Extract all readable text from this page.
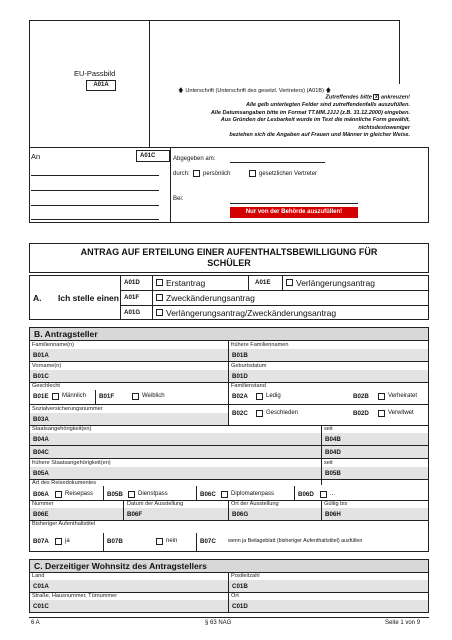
EU-Passbild
A01A
🡅 Unterschrift (Unterschrift des gesetzl. Vertreters) (A01B) 🡅
Zutreffendes bitte x ankreuzen!
Alle gelb unterlegten Felder sind zutreffendenfalls auszufüllen.
Alle Datumsangaben bitte im Format TT.MM.JJJJ (z.B. 31.12.2000) eingeben.
Aus Gründen der Lesbarkeit wurde im Text die männliche Form gewählt,
nichtsdestoweniger
beziehen sich die Angaben auf Frauen und Männer in gleicher Weise.
An	A01C	Abgegeben am:
durch: persönlich	gesetzlichen Vertreter
Bei:
Nur von der Behörde auszufüllen!
ANTRAG AUF ERTEILUNG EINER AUFENTHALTSBEWILLIGUNG FÜR
SCHÜLER
A. Ich stelle einen
A01D	Erstantrag	A01E	Verlängerungsantrag
A01F	Zweckänderungsantrag
A01G	Verlängerungsantrag/Zweckänderungsantrag
B. Antragsteller
Familienname(n)	frühere Familiennamen
B01A	B01B
Vorname(n)	Geburtsdatum
B01C	B01D
Geschlecht	Familienstand
B01E Männlich B01F	Weiblich	B02A	Ledig	B02B	Verheiratet
Sozialversicherungsnummer
B03A
B02C	Geschieden	B02D	Verwitwet
Staatsangehörigkeit(en)	seit
B04A	B04B
B04C	B04D
frühere Staatsangehörigkeit(en)	seit
B05A	B05B
Art des Reisedokumentes
B06A	Reisepass B05B	Dienstpass	B06C	Diplomatenpass	B06D	...
Nummer	Datum der Ausstellung	Ort der Ausstellung	Gültig bis
B06E	B06F	B06G	B06H
Bisheriger Aufenthaltstitel
B07A	ja	B07B	nein	B07C wenn ja Beilageblatt (bisheriger Aufenthaltstitel) ausfüllen
C. Derzeitiger Wohnsitz des Antragstellers
Land	Postleitzahl
C01A	C01B
Straße, Hausnummer, Türnummer	Ort
C01C	C01D
6 A	§ 63 NAG	Seite 1 von 9
